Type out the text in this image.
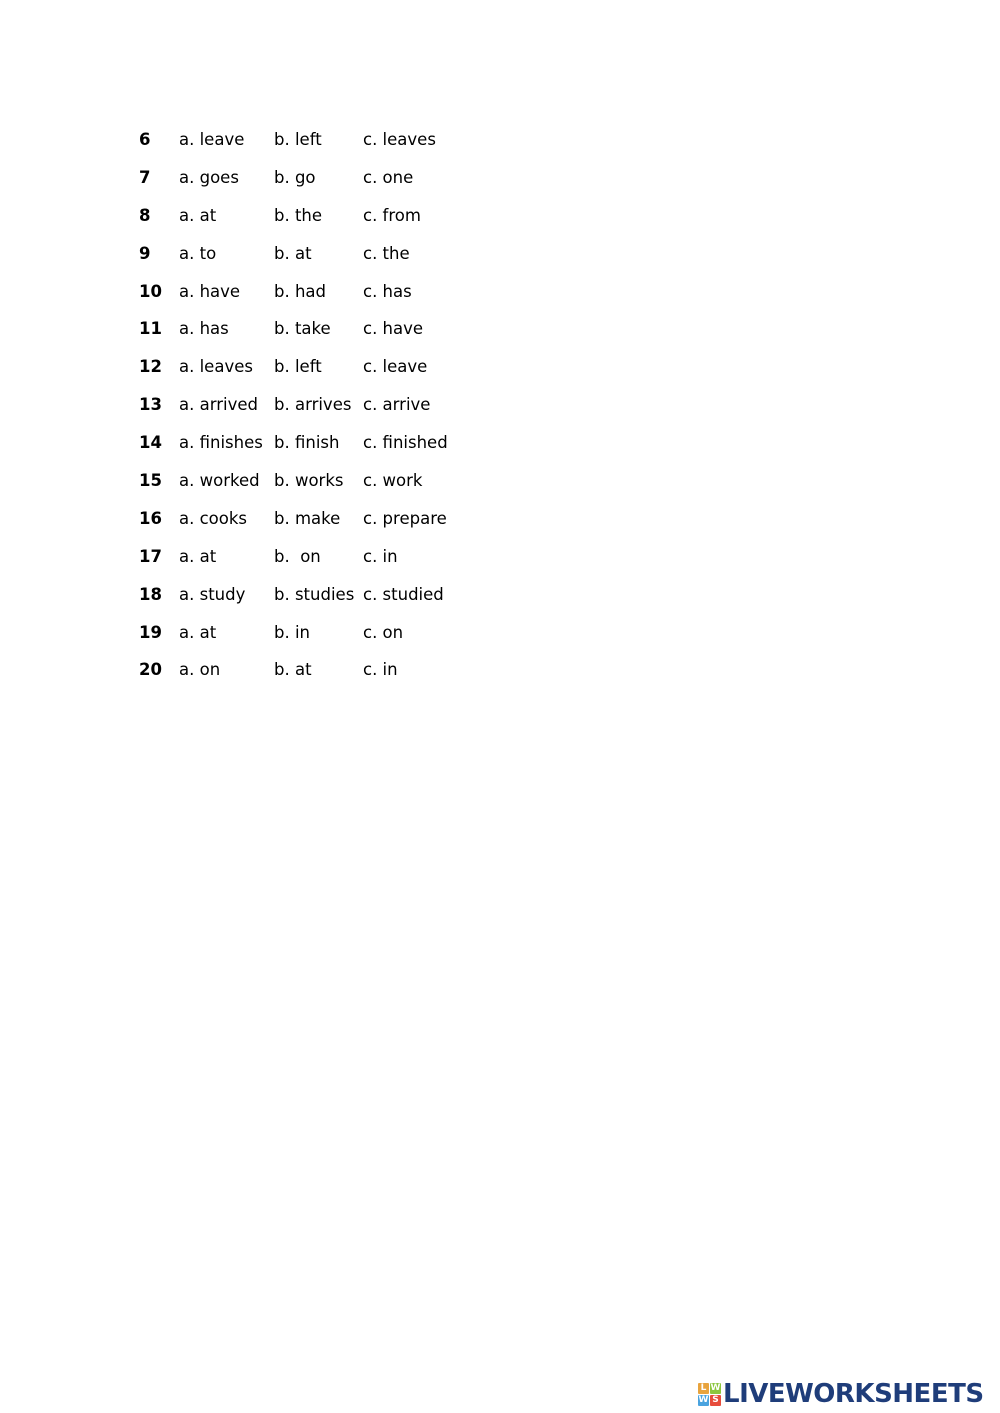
6 a. leave b. left	c. leaves
7 a. goes b. go	c. one
8 a. at	b. the c. from
9 a. to	b. at	c. the
10 a. have b. had c. has
11 a. has	b. take c. have
12 a. leaves b. left	c. leave
13 a. arrived b. arrives c. arrive
14 a. finishes b. finish c. finished
15 a. worked b. works c. work
16 a. cooks b. make c. prepare
17 a. at	b.  on	c. in
18 a. study b. studies c. studied
19 a. at	b. in	c. on
20 a. on	b. at	c. in
L W
W S LIVEWORKSHEETS
